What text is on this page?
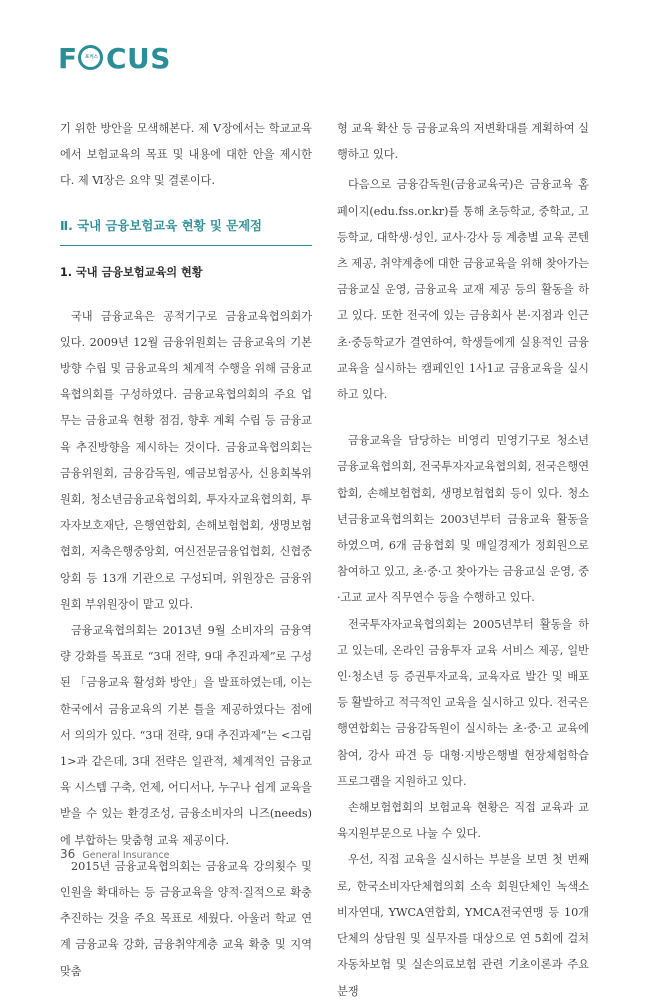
F	포커스 CUS

기 위한 방안을 모색해본다. 제 Ⅴ장에서는 학교교육에서 보험교육의 목표 및 내용에 대한 안을 제시한다. 제 Ⅵ장은 요약 및 결론이다.

Ⅱ. 국내 금융보험교육 현황 및 문제점
1. 국내 금융보험교육의 현황

국내 금융교육은 공적기구로 금융교육협의회가 있다. 2009년 12월 금융위원회는 금융교육의 기본방향 수립 및 금융교육의 체계적 수행을 위해 금융교육협의회를 구성하였다. 금융교육협의회의 주요 업무는 금융교육 현황 점검, 향후 계획 수립 등 금융교육 추진방향을 제시하는 것이다. 금융교육협의회는 금융위원회, 금융감독원, 예금보험공사, 신용회복위원회, 청소년금융교육협의회, 투자자교육협의회, 투자자보호재단, 은행연합회, 손해보험협회, 생명보험협회, 저축은행중앙회, 여신전문금융업협회, 신협중앙회 등 13개 기관으로 구성되며, 위원장은 금융위원회 부위원장이 맡고 있다.

금융교육협의회는 2013년 9월 소비자의 금융역량 강화를 목표로 “3대 전략, 9대 추진과제”로 구성된 「금융교육 활성화 방안」을 발표하였는데, 이는 한국에서 금융교육의 기본 틀을 제공하였다는 점에서 의의가 있다. “3대 전략, 9대 추진과제”는 <그림 1>과 같은데, 3대 전략은 일관적, 체계적인 금융교육 시스템 구축, 언제, 어디서나, 누구나 쉽게 교육을 받을 수 있는 환경조성, 금융소비자의 니즈(needs)에 부합하는 맞춤형 교육 제공이다.

2015년 금융교육협의회는 금융교육 강의횟수 및 인원을 확대하는 등 금융교육을 양적·질적으로 확충 추진하는 것을 주요 목표로 세웠다. 아울러 학교 연계 금융교육 강화, 금융취약계층 교육 확충 및 지역 맞춤

형 교육 확산 등 금융교육의 저변확대를 계획하여 실행하고 있다.

다음으로 금융감독원(금융교육국)은 금융교육 홈페이지(edu.fss.or.kr)를 통해 초등학교, 중학교, 고등학교, 대학생·성인, 교사·강사 등 계층별 교육 콘텐츠 제공, 취약계층에 대한 금융교육을 위해 찾아가는 금융교실 운영, 금융교육 교재 제공 등의 활동을 하고 있다. 또한 전국에 있는 금융회사 본·지점과 인근 초·중등학교가 결연하여, 학생들에게 실용적인 금융교육을 실시하는 캠페인인 1사1교 금융교육을 실시하고 있다.

금융교육을 담당하는 비영리 민영기구로 청소년금융교육협의회, 전국투자자교육협의회, 전국은행연합회, 손해보험협회, 생명보험협회 등이 있다. 청소년금융교육협의회는 2003년부터 금융교육 활동을 하였으며, 6개 금융협회 및 매일경제가 정회원으로 참여하고 있고, 초·중·고 찾아가는 금융교실 운영, 중·고교 교사 직무연수 등을 수행하고 있다.

전국투자자교육협의회는 2005년부터 활동을 하고 있는데, 온라인 금융투자 교육 서비스 제공, 일반인·청소년 등 증권투자교육, 교육자료 발간 및 배포 등 활발하고 적극적인 교육을 실시하고 있다. 전국은행연합회는 금융감독원이 실시하는 초·중·고 교육에 참여, 강사 파견 등 대형·지방은행별 현장체험학습 프로그램을 지원하고 있다.

손해보험협회의 보험교육 현황은 직접 교육과 교육지원부문으로 나눌 수 있다.

우선, 직접 교육을 실시하는 부분을 보면 첫 번째로, 한국소비자단체협의회 소속 회원단체인 녹색소비자연대, YWCA연합회, YMCA전국연맹 등 10개 단체의 상담원 및 실무자를 대상으로 연 5회에 걸쳐 자동차보험 및 실손의료보험 관련 기초이론과 주요 분쟁

36 General Insurance
